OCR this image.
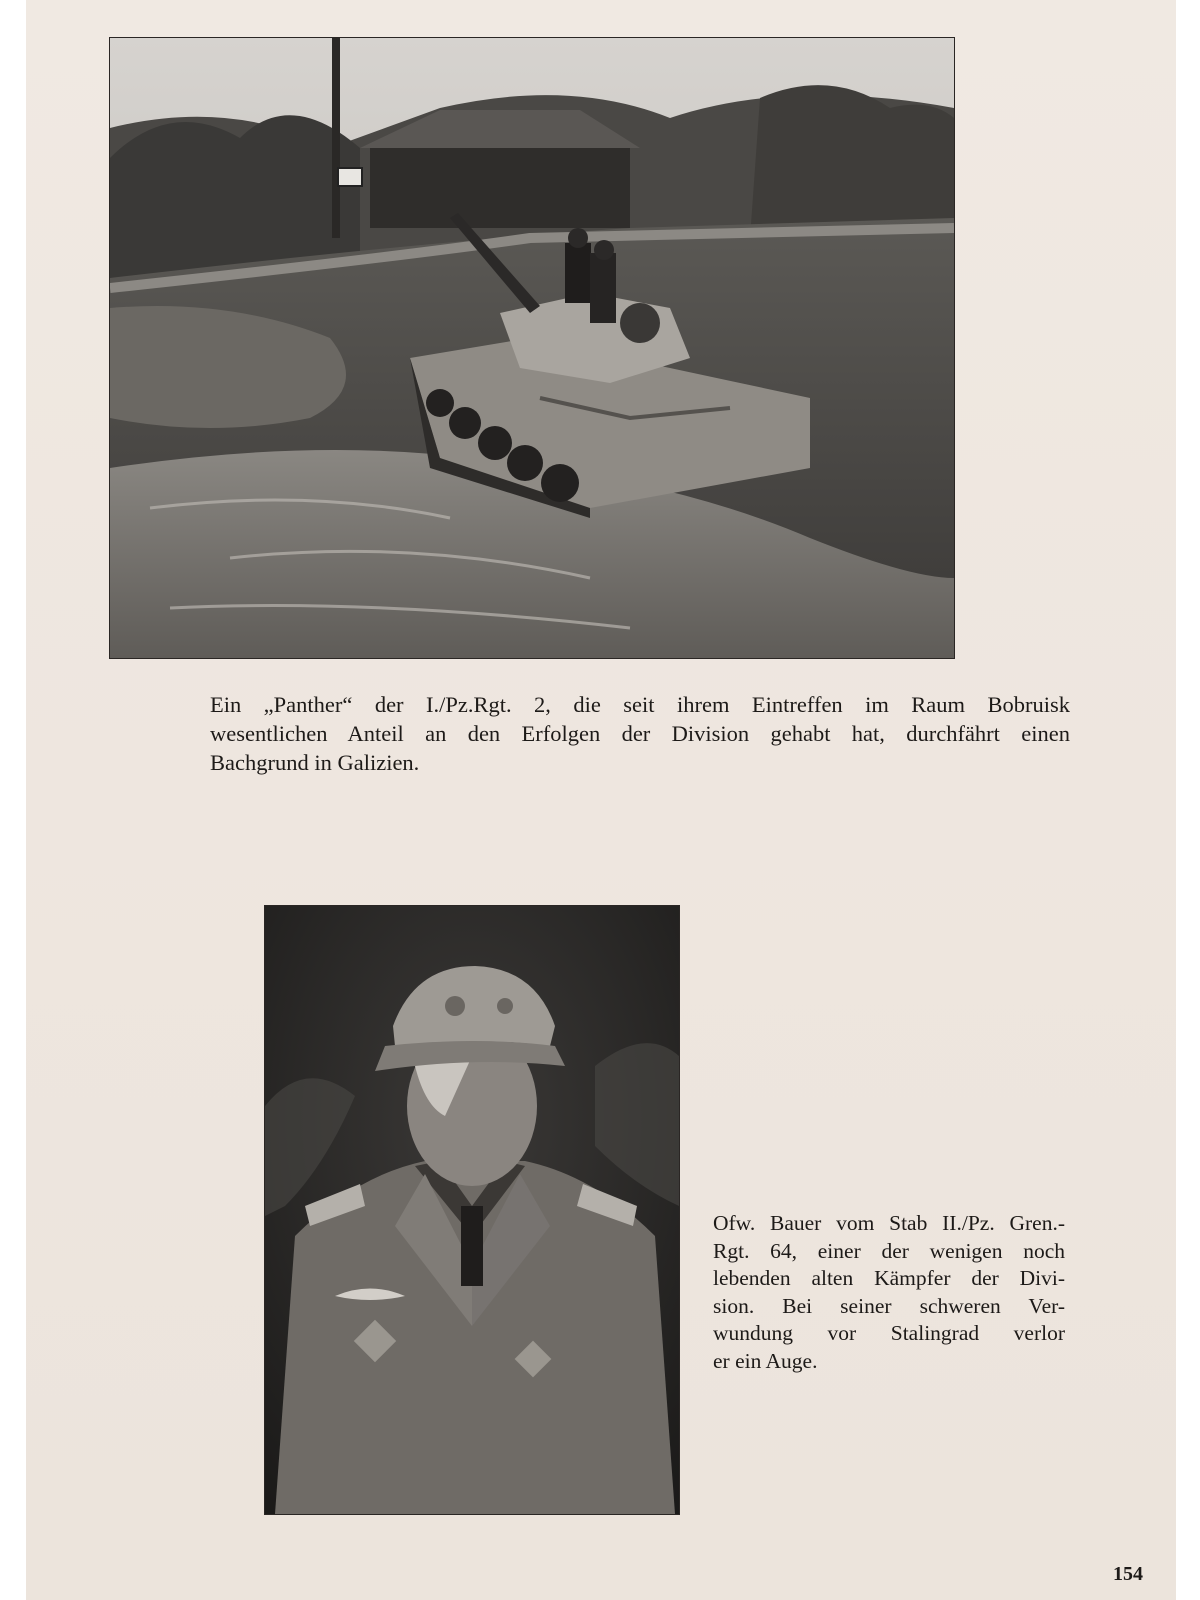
Ein „P​anther“ der I./Pz.Rgt. 2, die seit ihrem Eintreffen im Raum Bobruisk
wesentlichen Anteil an den Erfolgen der Division gehabt hat, durchfährt einen
Bachgrund in Galizien.
Ofw. Bauer vom Stab II./Pz. Gren.-
Rgt. 64, einer der wenigen noch
lebenden alten Kämpfer der Divi-
sion. Bei seiner schweren Ver-
wundung vor Stalingrad verlor
er ein Auge.
154
